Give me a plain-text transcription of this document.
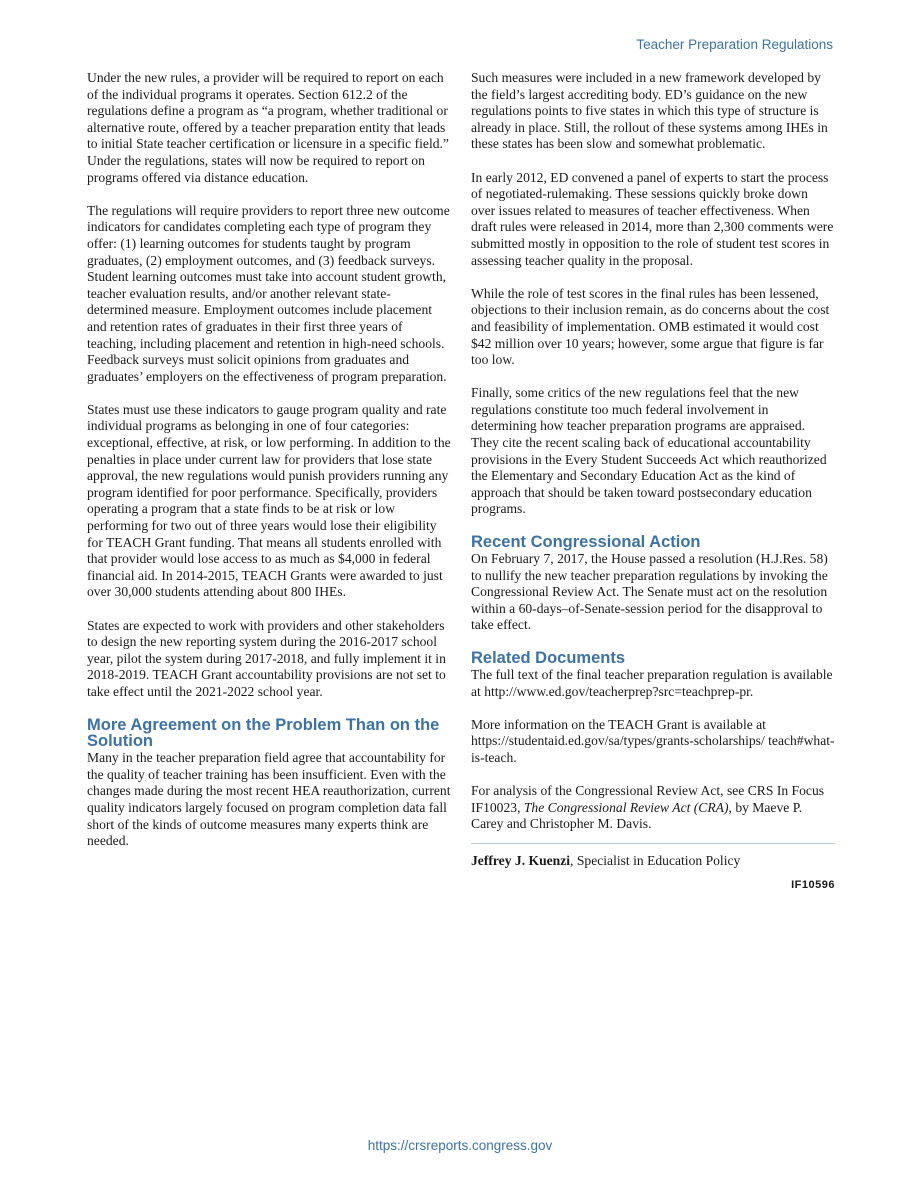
Teacher Preparation Regulations

Under the new rules, a provider will be required to report on each of the individual programs it operates. Section 612.2 of the regulations define a program as “a program, whether traditional or alternative route, offered by a teacher preparation entity that leads to initial State teacher certification or licensure in a specific field.” Under the regulations, states will now be required to report on programs offered via distance education.

The regulations will require providers to report three new outcome indicators for candidates completing each type of program they offer: (1) learning outcomes for students taught by program graduates, (2) employment outcomes, and (3) feedback surveys. Student learning outcomes must take into account student growth, teacher evaluation results, and/or another relevant state-determined measure. Employment outcomes include placement and retention rates of graduates in their first three years of teaching, including placement and retention in high-need schools. Feedback surveys must solicit opinions from graduates and graduates’ employers on the effectiveness of program preparation.

States must use these indicators to gauge program quality and rate individual programs as belonging in one of four categories: exceptional, effective, at risk, or low performing. In addition to the penalties in place under current law for providers that lose state approval, the new regulations would punish providers running any program identified for poor performance. Specifically, providers operating a program that a state finds to be at risk or low performing for two out of three years would lose their eligibility for TEACH Grant funding. That means all students enrolled with that provider would lose access to as much as $4,000 in federal financial aid. In 2014-2015, TEACH Grants were awarded to just over 30,000 students attending about 800 IHEs.

States are expected to work with providers and other stakeholders to design the new reporting system during the 2016-2017 school year, pilot the system during 2017-2018, and fully implement it in 2018-2019. TEACH Grant accountability provisions are not set to take effect until the 2021-2022 school year.

More Agreement on the Problem Than on the Solution

Many in the teacher preparation field agree that accountability for the quality of teacher training has been insufficient. Even with the changes made during the most recent HEA reauthorization, current quality indicators largely focused on program completion data fall short of the kinds of outcome measures many experts think are needed.

Such measures were included in a new framework developed by the field’s largest accrediting body. ED’s guidance on the new regulations points to five states in which this type of structure is already in place. Still, the rollout of these systems among IHEs in these states has been slow and somewhat problematic.

In early 2012, ED convened a panel of experts to start the process of negotiated-rulemaking. These sessions quickly broke down over issues related to measures of teacher effectiveness. When draft rules were released in 2014, more than 2,300 comments were submitted mostly in opposition to the role of student test scores in assessing teacher quality in the proposal.

While the role of test scores in the final rules has been lessened, objections to their inclusion remain, as do concerns about the cost and feasibility of implementation. OMB estimated it would cost $42 million over 10 years; however, some argue that figure is far too low.

Finally, some critics of the new regulations feel that the new regulations constitute too much federal involvement in determining how teacher preparation programs are appraised. They cite the recent scaling back of educational accountability provisions in the Every Student Succeeds Act which reauthorized the Elementary and Secondary Education Act as the kind of approach that should be taken toward postsecondary education programs.

Recent Congressional Action

On February 7, 2017, the House passed a resolution (H.J.Res. 58) to nullify the new teacher preparation regulations by invoking the Congressional Review Act. The Senate must act on the resolution within a 60-days–of-Senate-session period for the disapproval to take effect.

Related Documents

The full text of the final teacher preparation regulation is available at http://www.ed.gov/teacherprep?src=teachprep-pr.

More information on the TEACH Grant is available at https://studentaid.ed.gov/sa/types/grants-scholarships/ teach#what-is-teach.

For analysis of the Congressional Review Act, see CRS In Focus IF10023, The Congressional Review Act (CRA), by Maeve P. Carey and Christopher M. Davis.

Jeffrey J. Kuenzi, Specialist in Education Policy
IF10596
https://crsreports.congress.gov
